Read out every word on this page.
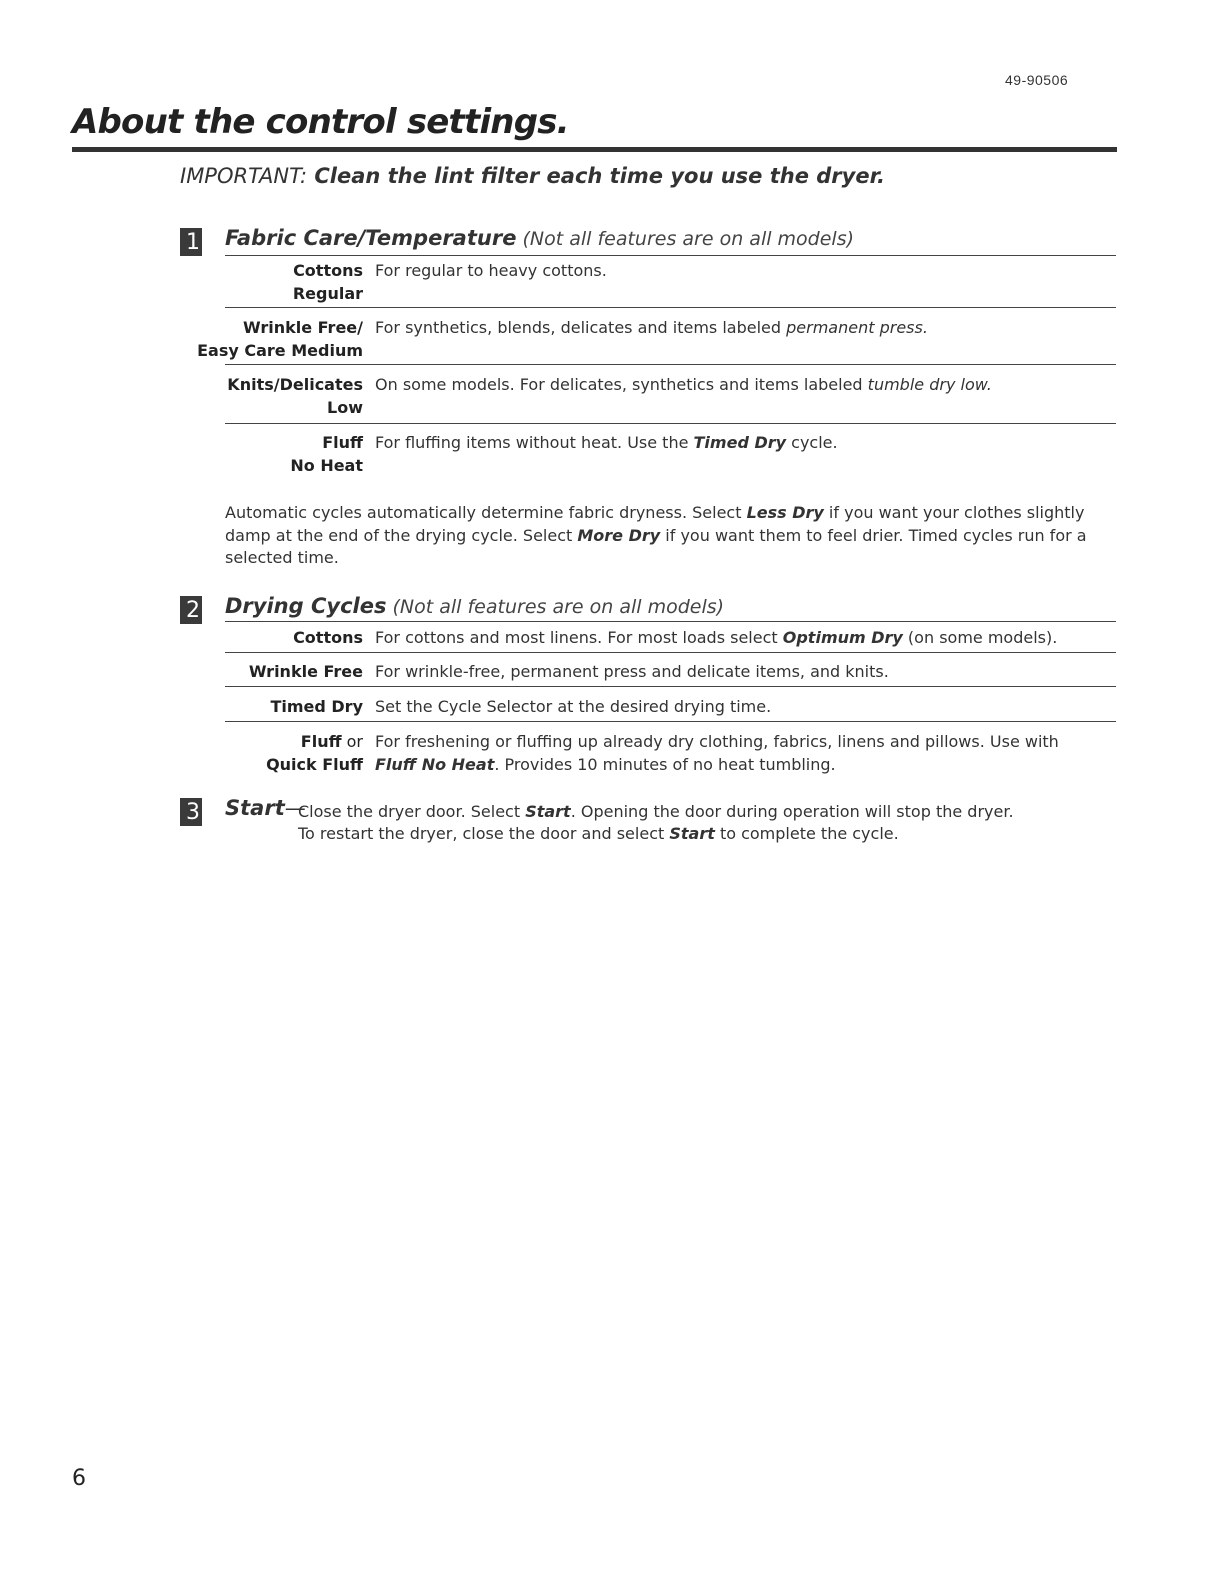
49-90506
About the control settings.
IMPORTANT: Clean the lint filter each time you use the dryer.
1 Fabric Care/Temperature (Not all features are on all models)
Cottons
Regular
For regular to heavy cottons.
Wrinkle Free/
Easy Care Medium
For synthetics, blends, delicates and items labeled permanent press.
Knits/Delicates
Low
On some models. For delicates, synthetics and items labeled tumble dry low.
Fluff
No Heat
For fluffing items without heat. Use the Timed Dry cycle.
Automatic cycles automatically determine fabric dryness. Select Less Dry if you want your clothes slightly damp at the end of the drying cycle. Select More Dry if you want them to feel drier. Timed cycles run for a selected time.
2 Drying Cycles (Not all features are on all models)
Cottons For cottons and most linens. For most loads select Optimum Dry (on some models).
Wrinkle Free For wrinkle-free, permanent press and delicate items, and knits.
Timed Dry Set the Cycle Selector at the desired drying time.
Fluff or
Quick Fluff
For freshening or fluffing up already dry clothing, fabrics, linens and pillows. Use with
Fluff No Heat. Provides 10 minutes of no heat tumbling.
3 Start—
Close the dryer door. Select Start. Opening the door during operation will stop the dryer.
To restart the dryer, close the door and select Start to complete the cycle.
6
